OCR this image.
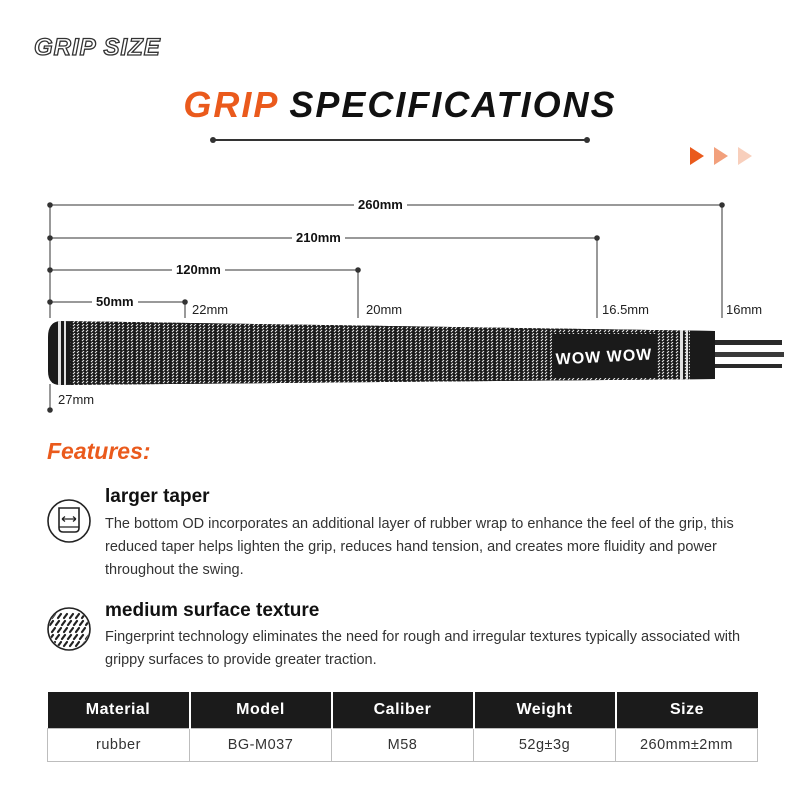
GRIP SIZE
GRIP SPECIFICATIONS
WOW WOW
260mm
210mm
120mm
50mm
22mm	20mm	16.5mm	16mm
27mm
Features:
larger taper
The bottom OD incorporates an additional layer of rubber wrap to enhance the feel of the grip, this reduced taper helps lighten the grip, reduces hand tension, and creates more fluidity and power throughout the swing.
medium surface texture
Fingerprint technology eliminates the need for rough and irregular textures typically associated with grippy surfaces to provide greater traction.
Material	Model	Caliber	Weight	Size
rubber	BG-M037	M58	52g±3g	260mm±2mm
